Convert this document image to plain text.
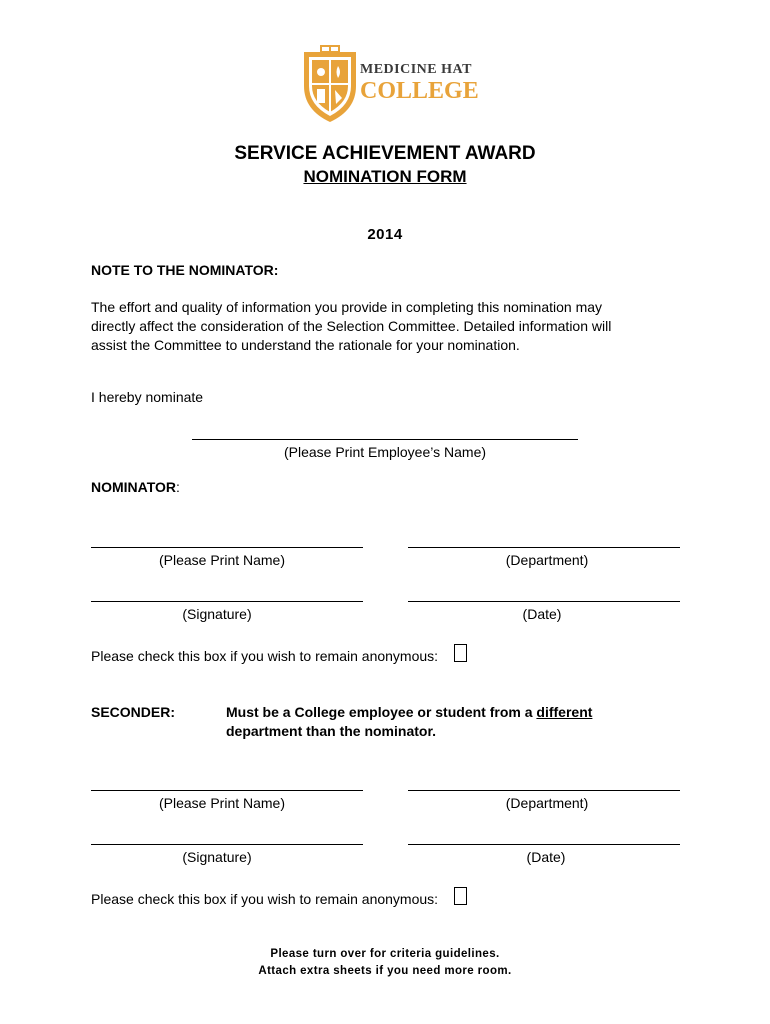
MEDICINE HAT
COLLEGE
SERVICE ACHIEVEMENT AWARD
NOMINATION FORM
2014
NOTE TO THE NOMINATOR:
The effort and quality of information you provide in completing this nomination may
directly affect the consideration of the Selection Committee. Detailed information will
assist the Committee to understand the rationale for your nomination.
I hereby nominate
(Please Print Employee’s Name)
NOMINATOR:
(Please Print Name)	(Department)
(Signature)	(Date)
Please check this box if you wish to remain anonymous:
SECONDER:	Must be a College employee or student from a different
department than the nominator.
(Please Print Name)	(Department)
(Signature)	(Date)
Please check this box if you wish to remain anonymous:
Please turn over for criteria guidelines.
Attach extra sheets if you need more room.
